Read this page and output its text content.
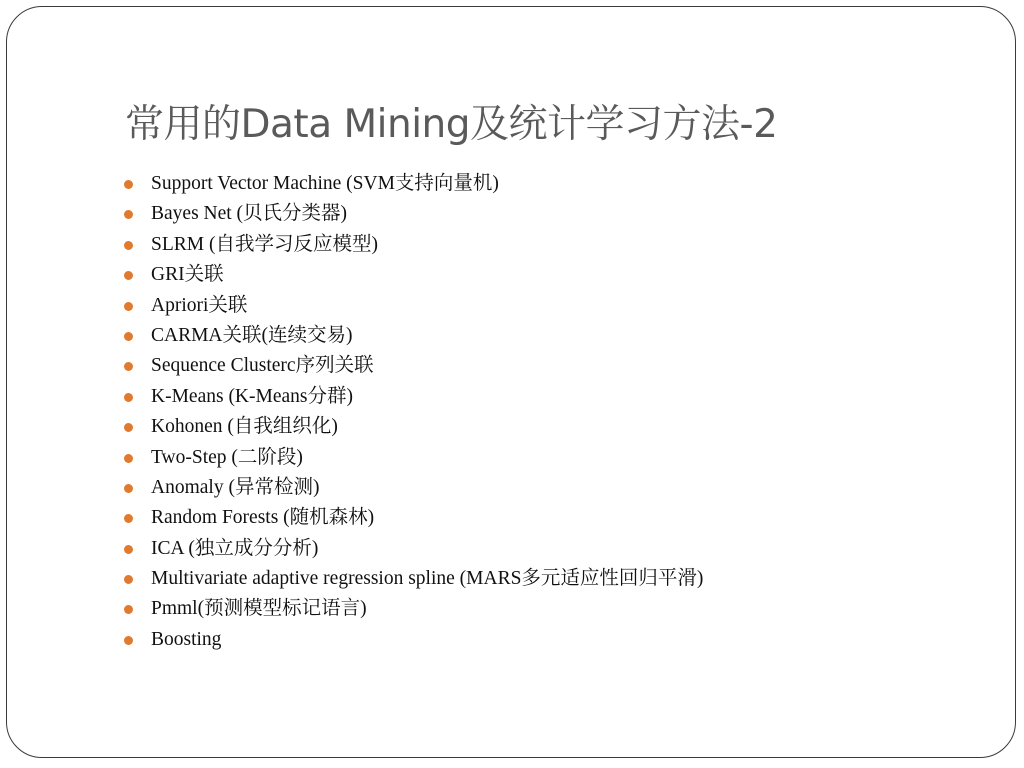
常用的Data Mining及统计学习方法-2
Support Vector Machine (SVM支持向量机)
Bayes Net (贝氏分类器)
SLRM (自我学习反应模型)
GRI关联
Apriori关联
CARMA关联(连续交易)
Sequence Clusterc序列关联
K-Means (K-Means分群)
Kohonen (自我组织化)
Two-Step (二阶段)
Anomaly (异常检测)
Random Forests (随机森林)
ICA (独立成分分析)
Multivariate adaptive regression spline (MARS多元适应性回归平滑)
Pmml(预测模型标记语言)
Boosting
